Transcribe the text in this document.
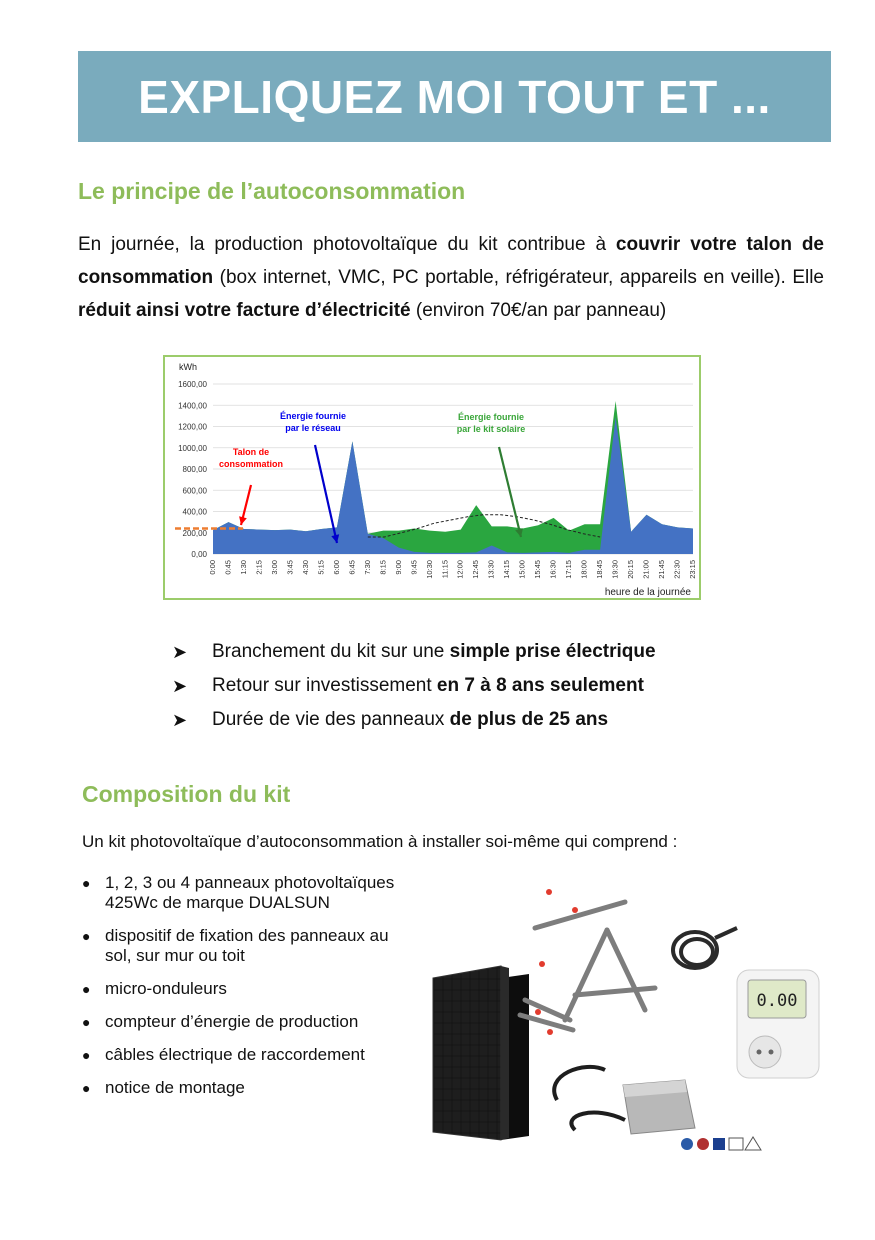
EXPLIQUEZ MOI TOUT ET ...
Le principe de l’autoconsommation

En journée, la production photovoltaïque du kit contribue à couvrir votre talon de consommation (box internet, VMC, PC portable, réfrigérateur, appareils en veille). Elle réduit ainsi votre facture d’électricité (environ 70€/an par panneau)

kWh
1600,00
1400,00
1200,00
1000,00
800,00
600,00
400,00
200,00
0,00
0:00 0:45 1:30 2:15 3:00 3:45 4:30 5:15 6:00 6:45 7:30 8:15 9:00 9:45 10:30 11:15 12:00 12:45 13:30 14:15 15:00 15:45 16:30 17:15 18:00 18:45 19:30 20:15 21:00 21:45 22:30 23:15
Talon de
consommation
Énergie fournie
par le réseau
Énergie fournie
par le kit solaire
heure de la journée
➤ Branchement du kit sur une simple prise électrique
➤ Retour sur investissement en 7 à 8 ans seulement
➤ Durée de vie des panneaux de plus de 25 ans
Composition du kit

Un kit photovoltaïque d’autoconsommation à installer soi-même qui comprend :

● 1, 2, 3 ou 4 panneaux photovoltaïques 425Wc de marque DUALSUN
● dispositif de fixation des panneaux au sol, sur mur ou toit
● micro-onduleurs
● compteur d’énergie de production
● câbles électrique de raccordement
● notice de montage
0.00
